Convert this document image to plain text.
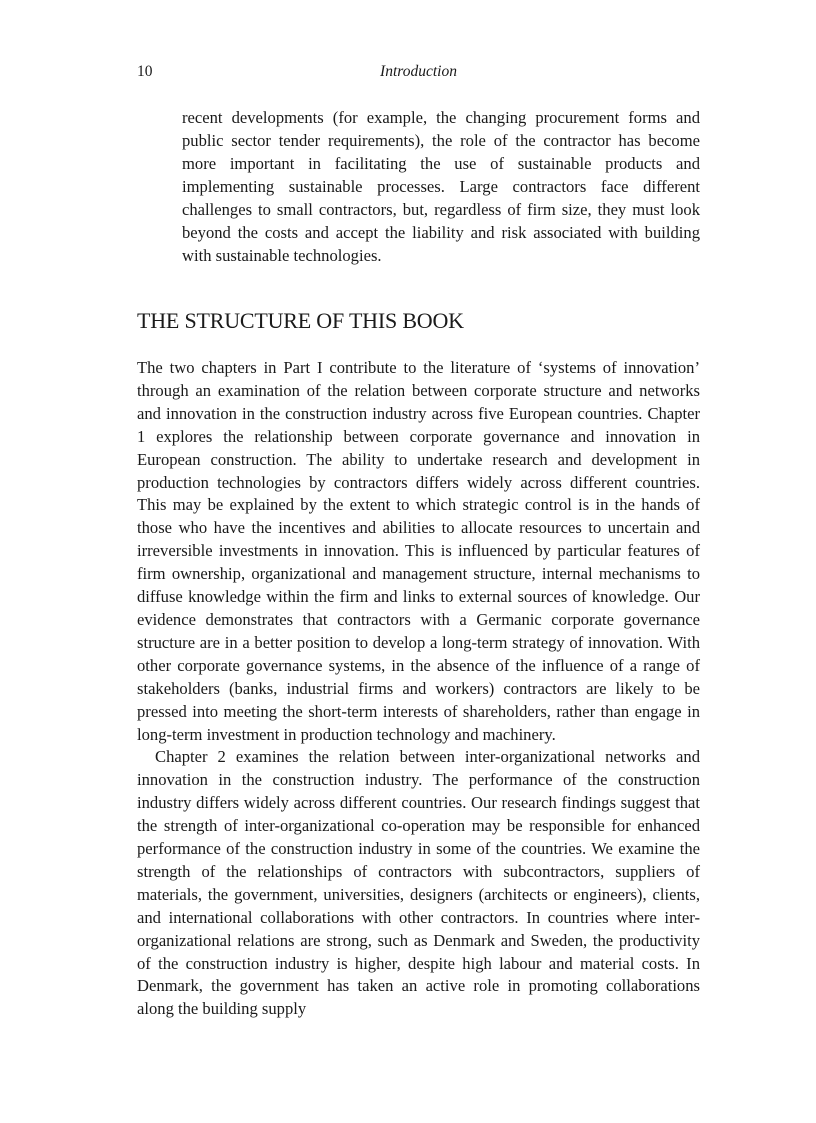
10	Introduction
recent developments (for example, the changing procurement forms and public sector tender requirements), the role of the contractor has become more important in facilitating the use of sustainable products and implementing sustainable processes. Large contractors face different challenges to small contractors, but, regardless of firm size, they must look beyond the costs and accept the liability and risk associated with building with sustainable technologies.
THE STRUCTURE OF THIS BOOK

The two chapters in Part I contribute to the literature of ‘systems of innovation’ through an examination of the relation between corporate structure and networks and innovation in the construction industry across five European countries. Chapter 1 explores the relationship between corporate governance and innovation in European construction. The ability to undertake research and development in production technologies by contractors differs widely across different countries. This may be explained by the extent to which strategic control is in the hands of those who have the incentives and abilities to allocate resources to uncertain and irreversible investments in innovation. This is influenced by particular features of firm ownership, organizational and management structure, internal mechanisms to diffuse knowledge within the firm and links to external sources of knowledge. Our evidence demonstrates that contractors with a Germanic corporate governance structure are in a better position to develop a long-term strategy of innovation. With other corporate governance systems, in the absence of the influence of a range of stakeholders (banks, industrial firms and workers) contractors are likely to be pressed into meeting the short-term interests of shareholders, rather than engage in long-term investment in production technology and machinery.

Chapter 2 examines the relation between inter-organizational networks and innovation in the construction industry. The performance of the construction industry differs widely across different countries. Our research findings suggest that the strength of inter-organizational co-operation may be responsible for enhanced performance of the construction industry in some of the countries. We examine the strength of the relationships of contractors with subcontractors, suppliers of materials, the government, universities, designers (architects or engineers), clients, and international collaborations with other contractors. In countries where inter-organizational relations are strong, such as Denmark and Sweden, the productivity of the construction industry is higher, despite high labour and material costs. In Denmark, the government has taken an active role in promoting collaborations along the building supply
